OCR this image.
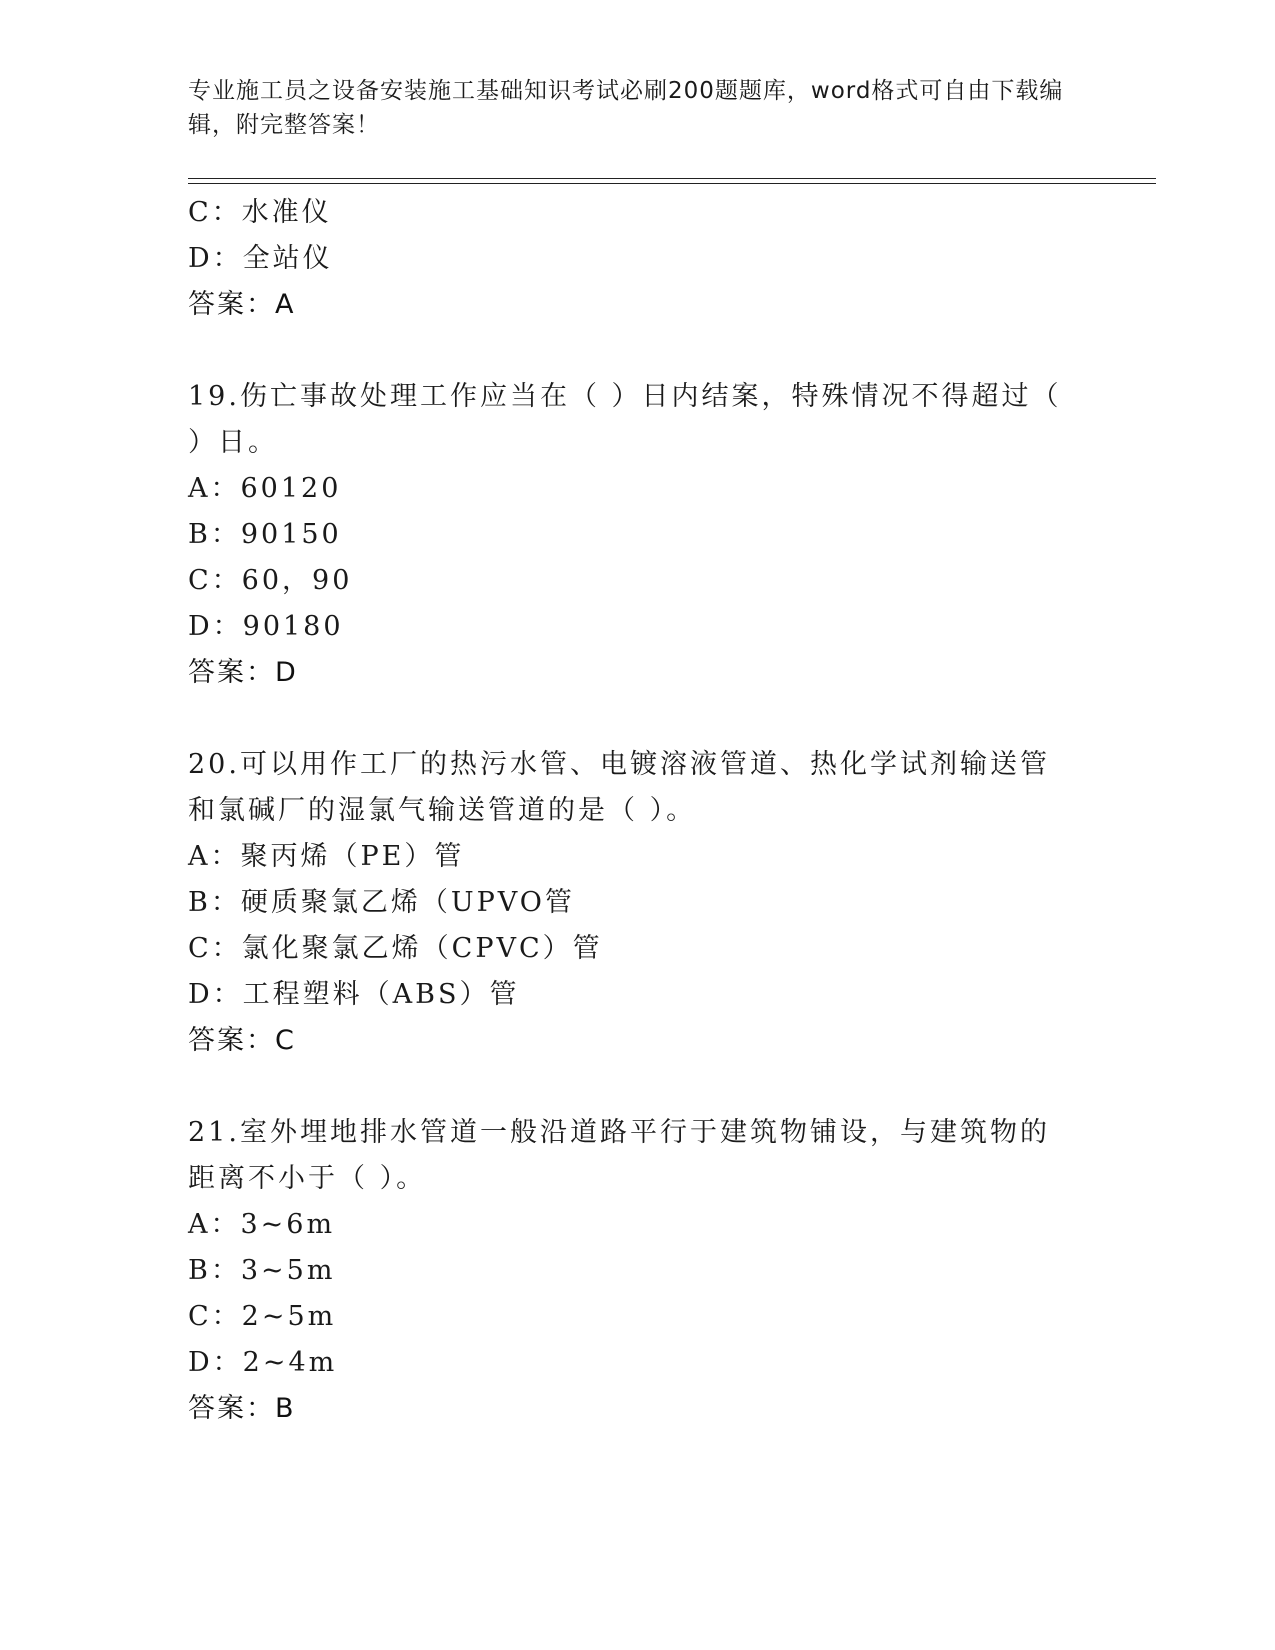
专业施工员之设备安装施工基础知识考试必刷200题题库，word格式可自由下载编辑，附完整答案！
C：水准仪
D：全站仪
答案：A
19.伤亡事故处理工作应当在（ ）日内结案，特殊情况不得超过（ ）日。
A：60120
B：90150
C：60，90
D：90180
答案：D
20.可以用作工厂的热污水管、电镀溶液管道、热化学试剂输送管和氯碱厂的湿氯气输送管道的是（ ）。
A：聚丙烯（PE）管
B：硬质聚氯乙烯（UPVO管
C：氯化聚氯乙烯（CPVC）管
D：工程塑料（ABS）管
答案：C
21.室外埋地排水管道一般沿道路平行于建筑物铺设，与建筑物的距离不小于（ ）。
A：3~6m
B：3~5m
C：2~5m
D：2~4m
答案：B
